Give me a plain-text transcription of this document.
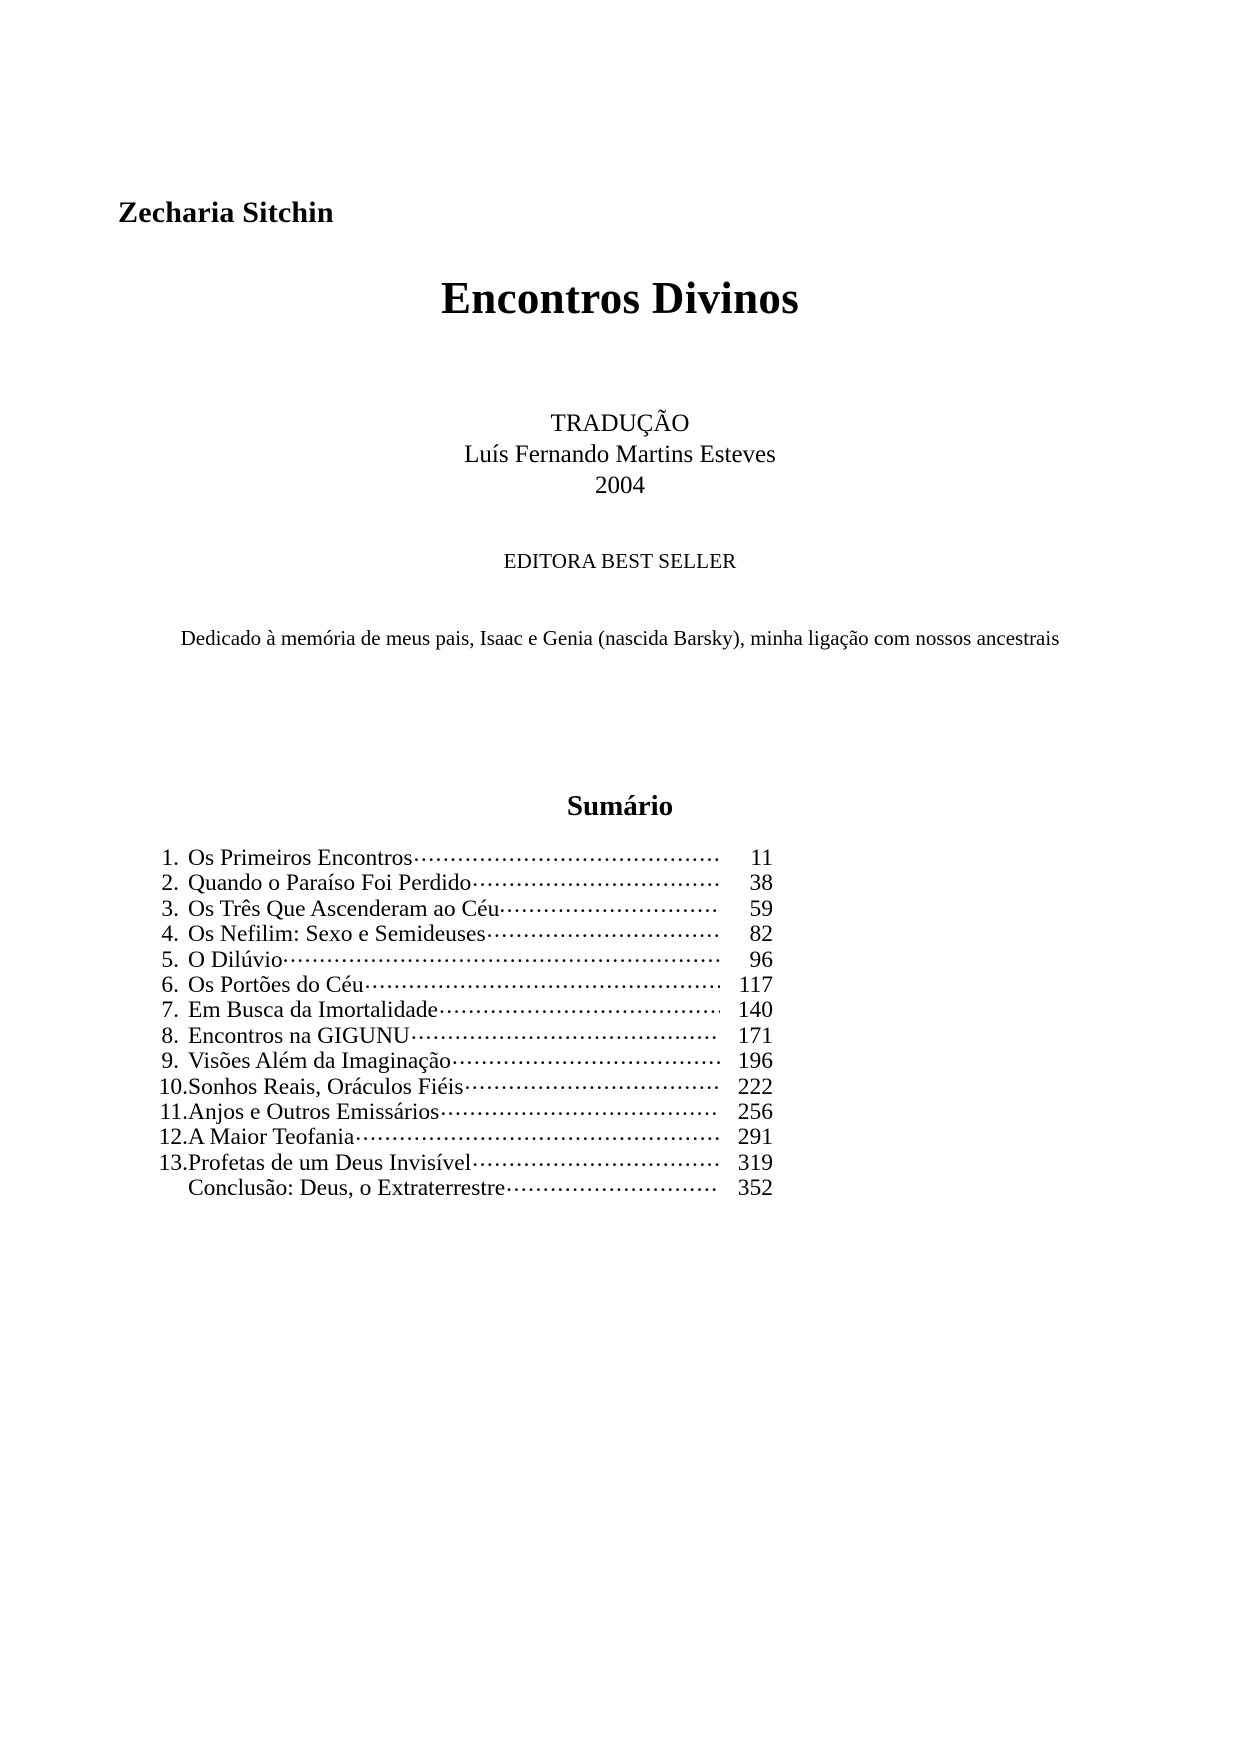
Zecharia Sitchin
Encontros Divinos
TRADUÇÃO
Luís Fernando Martins Esteves
2004
EDITORA BEST SELLER
Dedicado à memória de meus pais, Isaac e Genia (nascida Barsky), minha ligação com nossos ancestrais
Sumário
1. Os Primeiros Encontros .....	11
2. Quando o Paraíso Foi Perdido .....	38
3. Os Três Que Ascenderam ao Céu .....	59
4. Os Nefilim: Sexo e Semideuses .....	82
5. O Dilúvio .....	96
6. Os Portões do Céu .....	117
7. Em Busca da Imortalidade .....	140
8. Encontros na GIGUNU .....	171
9. Visões Além da Imaginação .....	196
10. Sonhos Reais, Oráculos Fiéis .....	222
11. Anjos e Outros Emissários .....	256
12. A Maior Teofania .....	291
13. Profetas de um Deus Invisível .....	319
Conclusão: Deus, o Extraterrestre .....	352
